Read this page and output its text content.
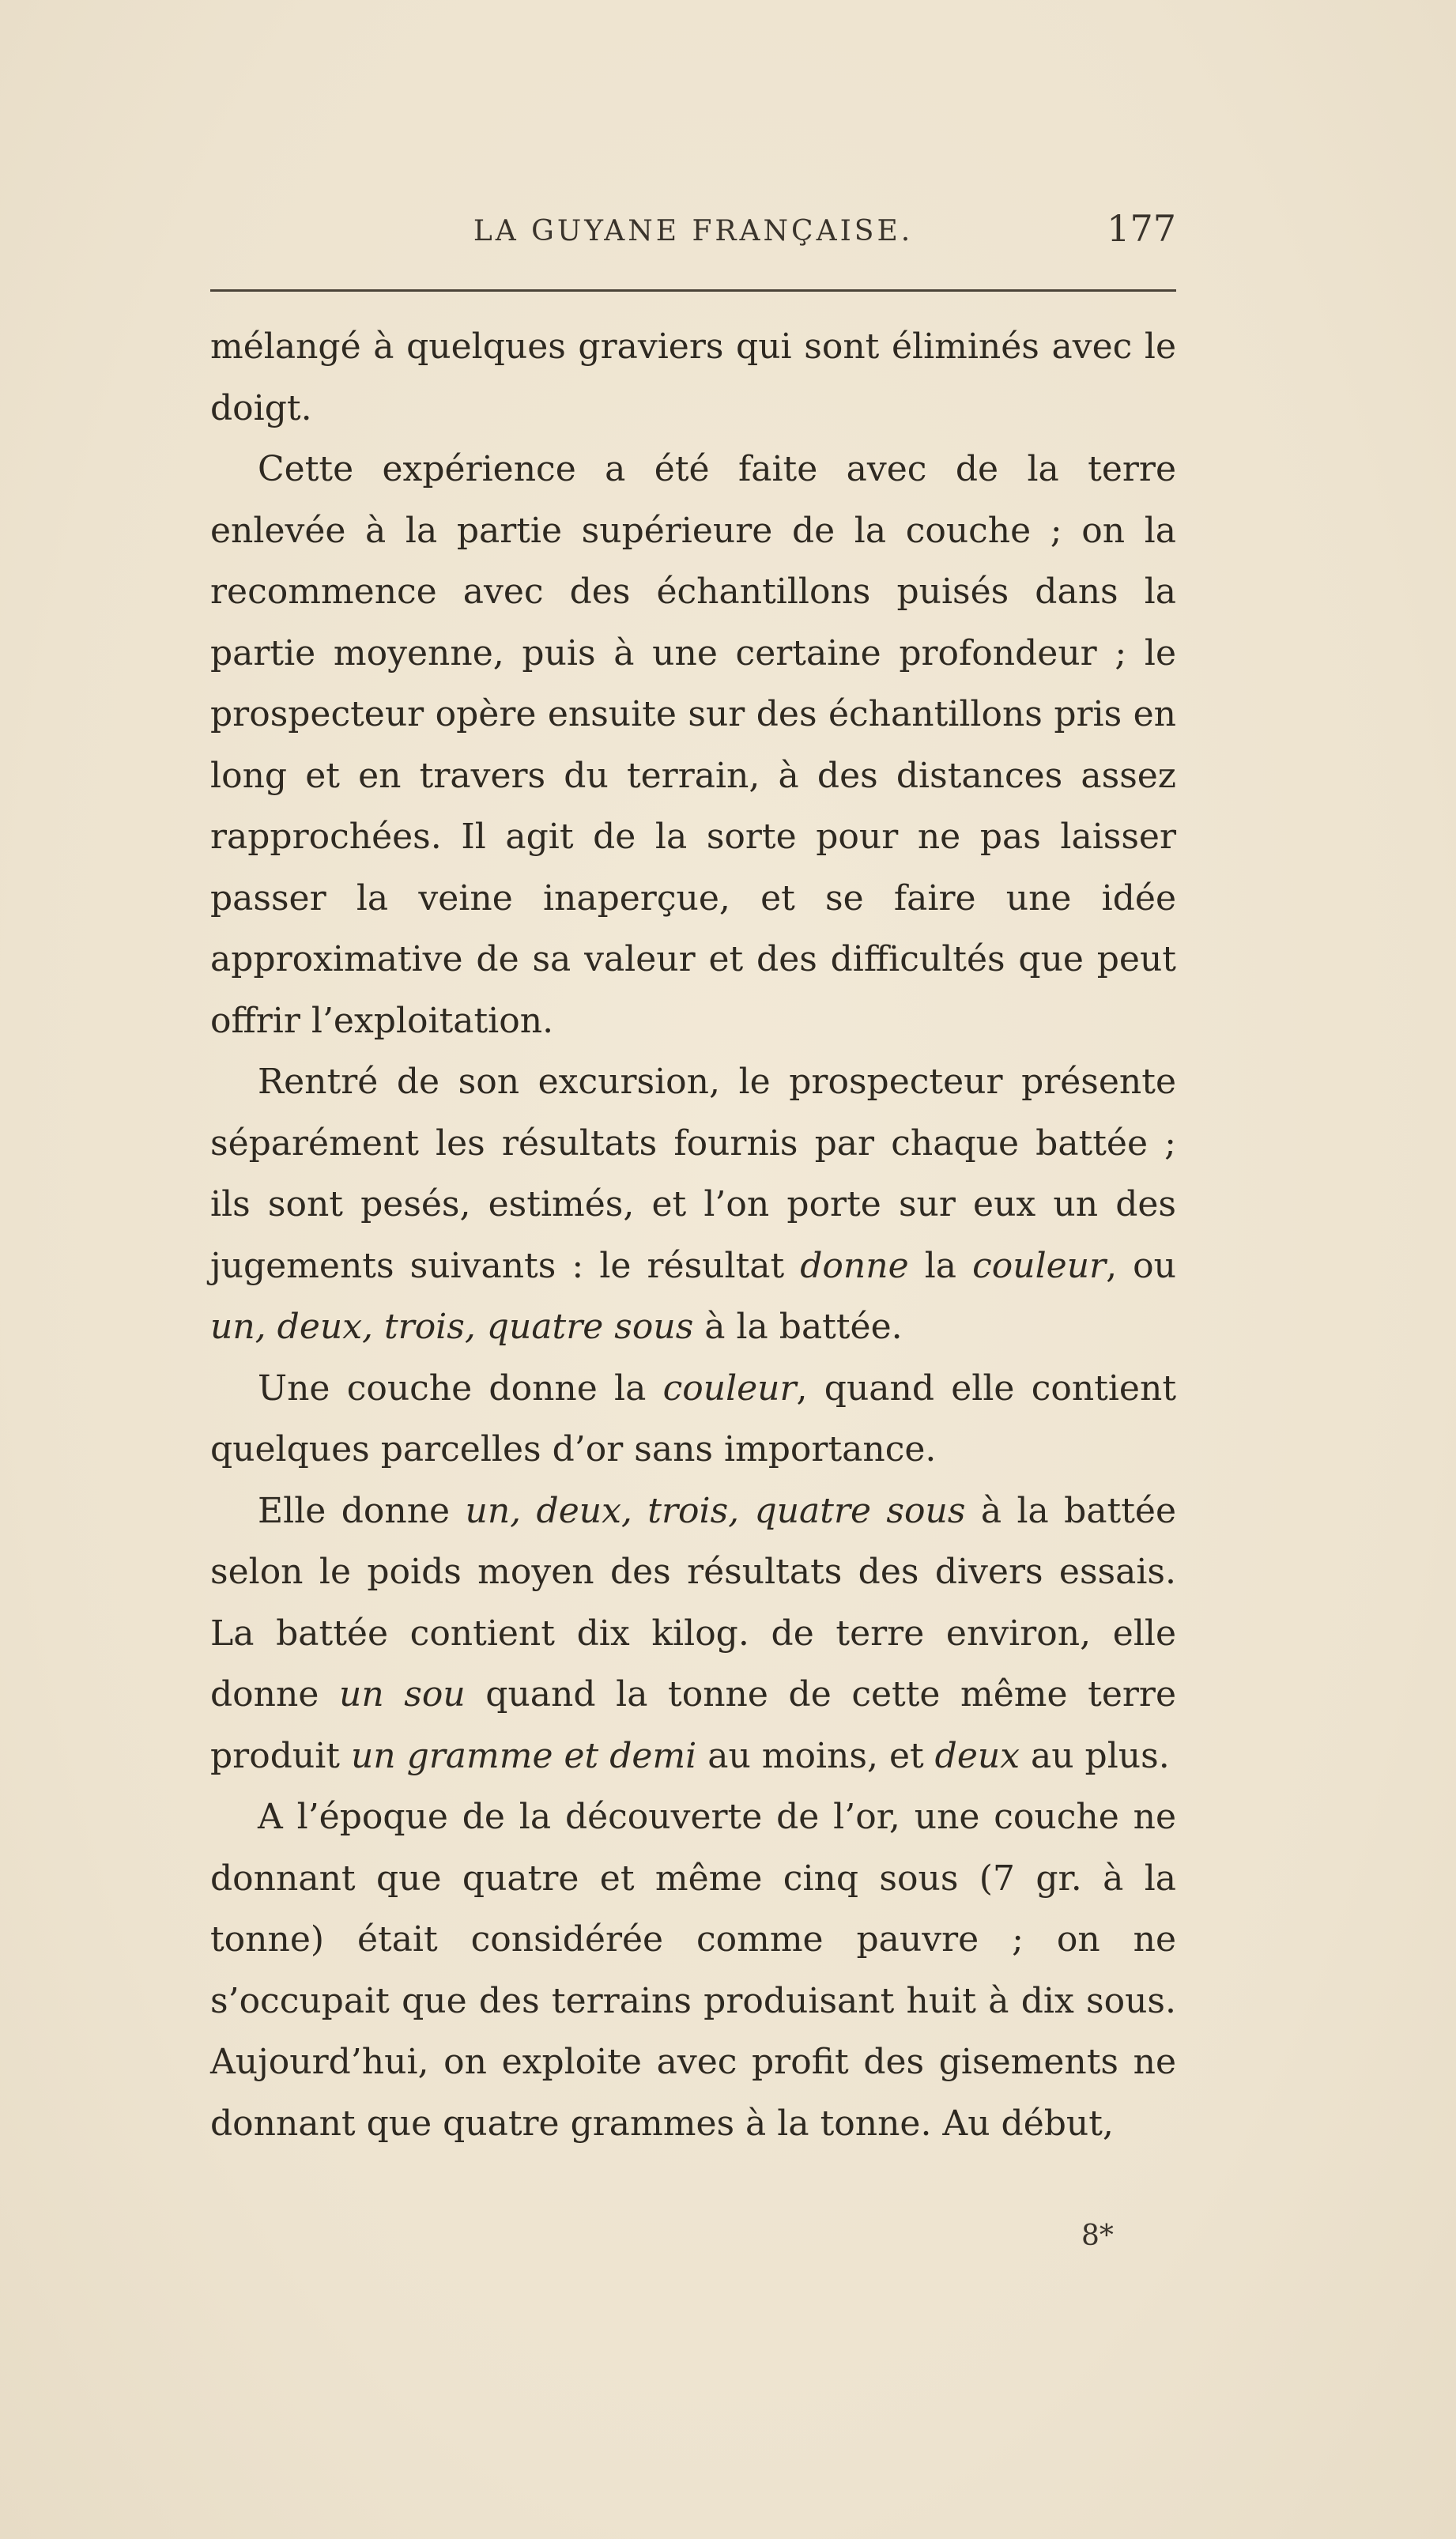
LA GUYANE FRANÇAISE.	177

mélangé à quelques graviers qui sont éliminés avec le doigt.

Cette expérience a été faite avec de la terre enlevée à la partie supérieure de la couche ; on la recommence avec des échantillons puisés dans la partie moyenne, puis à une certaine profondeur ; le prospecteur opère ensuite sur des échantillons pris en long et en travers du terrain, à des distances assez rapprochées. Il agit de la sorte pour ne pas laisser passer la veine inaperçue, et se faire une idée approximative de sa valeur et des difficultés que peut offrir l’exploitation.

Rentré de son excursion, le prospecteur présente séparément les résultats fournis par chaque battée ; ils sont pesés, estimés, et l’on porte sur eux un des jugements suivants : le résultat donne la couleur, ou un, deux, trois, quatre sous à la battée.

Une couche donne la couleur, quand elle contient quelques parcelles d’or sans importance.

Elle donne un, deux, trois, quatre sous à la battée selon le poids moyen des résultats des divers essais. La battée contient dix kilog. de terre environ, elle donne un sou quand la tonne de cette même terre produit un gramme et demi au moins, et deux au plus.

A l’époque de la découverte de l’or, une couche ne donnant que quatre et même cinq sous (7 gr. à la tonne) était considérée comme pauvre ; on ne s’occupait que des terrains produisant huit à dix sous. Aujourd’hui, on exploite avec profit des gisements ne donnant que quatre grammes à la tonne. Au début,

8*
